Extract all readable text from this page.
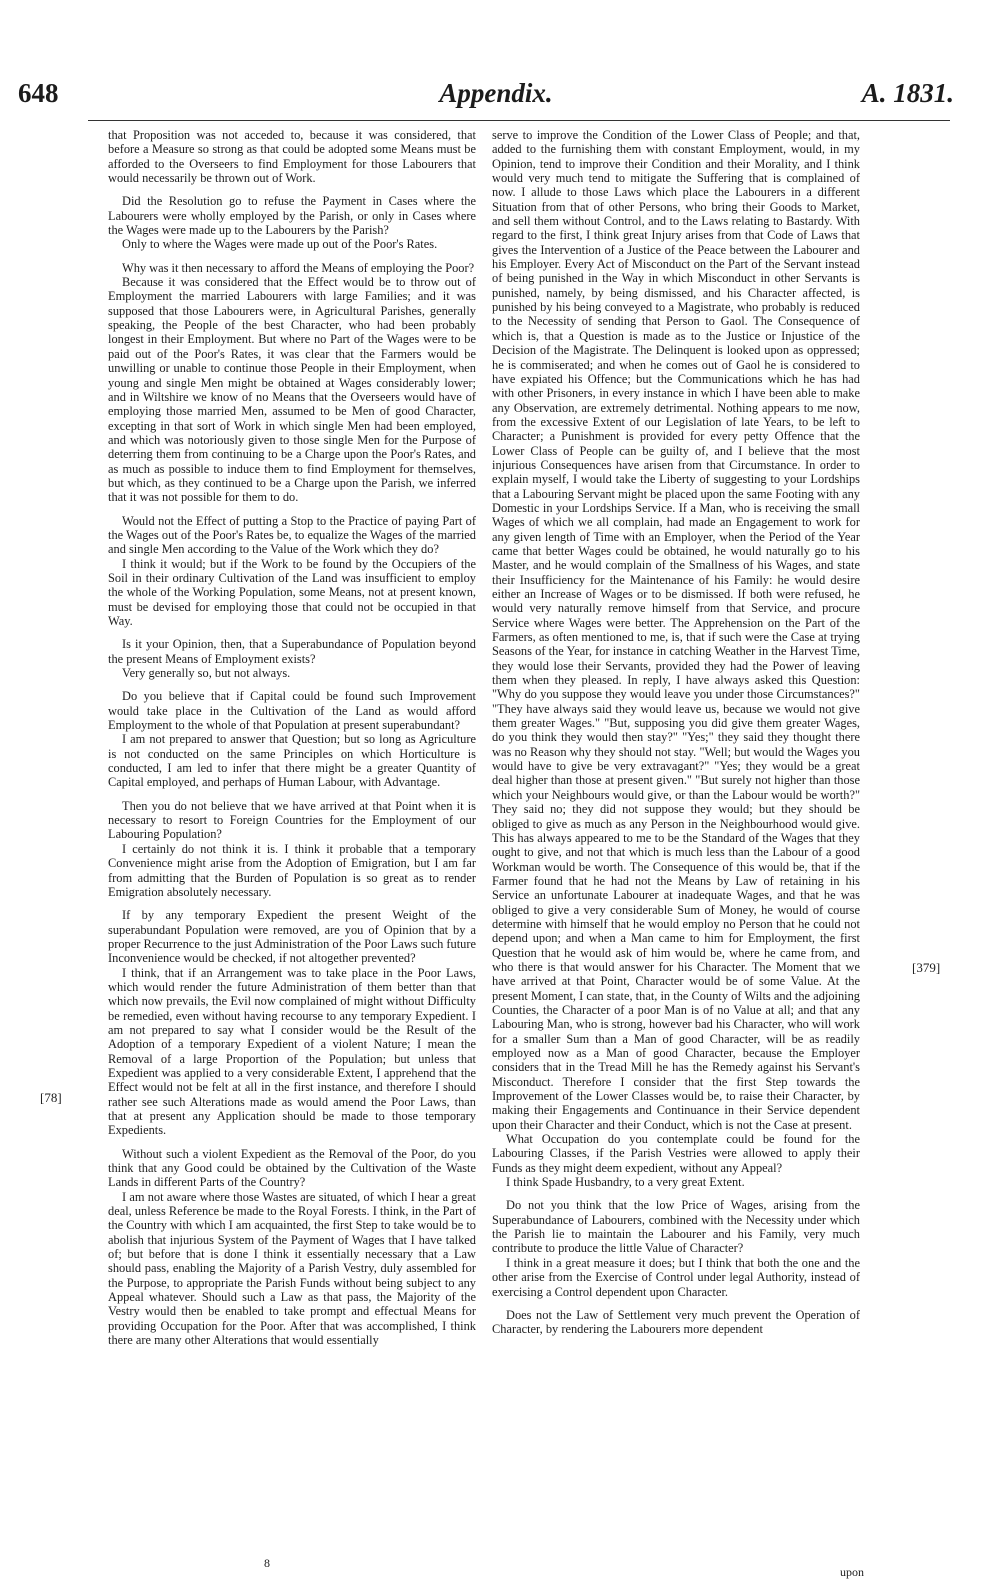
648	Appendix.	A. 1831.

that Proposition was not acceded to, because it was considered, that before a Measure so strong as that could be adopted some Means must be afforded to the Overseers to find Employment for those Labourers that would necessarily be thrown out of Work.

Did the Resolution go to refuse the Payment in Cases where the Labourers were wholly employed by the Parish, or only in Cases where the Wages were made up to the Labourers by the Parish?

Only to where the Wages were made up out of the Poor's Rates.

Why was it then necessary to afford the Means of employing the Poor?

Because it was considered that the Effect would be to throw out of Employment the married Labourers with large Families; and it was supposed that those Labourers were, in Agricultural Parishes, generally speaking, the People of the best Character, who had been probably longest in their Employment. But where no Part of the Wages were to be paid out of the Poor's Rates, it was clear that the Farmers would be unwilling or unable to continue those People in their Employment, when young and single Men might be obtained at Wages considerably lower; and in Wiltshire we know of no Means that the Overseers would have of employing those married Men, assumed to be Men of good Character, excepting in that sort of Work in which single Men had been employed, and which was notoriously given to those single Men for the Purpose of deterring them from continuing to be a Charge upon the Poor's Rates, and as much as possible to induce them to find Employment for themselves, but which, as they continued to be a Charge upon the Parish, we inferred that it was not possible for them to do.

Would not the Effect of putting a Stop to the Practice of paying Part of the Wages out of the Poor's Rates be, to equalize the Wages of the married and single Men according to the Value of the Work which they do?

I think it would; but if the Work to be found by the Occupiers of the Soil in their ordinary Cultivation of the Land was insufficient to employ the whole of the Working Population, some Means, not at present known, must be devised for employing those that could not be occupied in that Way.

Is it your Opinion, then, that a Superabundance of Population beyond the present Means of Employment exists?

Very generally so, but not always.

Do you believe that if Capital could be found such Improvement would take place in the Cultivation of the Land as would afford Employment to the whole of that Population at present superabundant?

I am not prepared to answer that Question; but so long as Agriculture is not conducted on the same Principles on which Horticulture is conducted, I am led to infer that there might be a greater Quantity of Capital employed, and perhaps of Human Labour, with Advantage.

Then you do not believe that we have arrived at that Point when it is necessary to resort to Foreign Countries for the Employment of our Labouring Population?

I certainly do not think it is. I think it probable that a temporary Convenience might arise from the Adoption of Emigration, but I am far from admitting that the Burden of Population is so great as to render Emigration absolutely necessary.

If by any temporary Expedient the present Weight of the superabundant Population were removed, are you of Opinion that by a proper Recurrence to the just Administration of the Poor Laws such future Inconvenience would be checked, if not altogether prevented?

I think, that if an Arrangement was to take place in the Poor Laws, which would render the future Administration of them better than that which now prevails, the Evil now complained of might without Difficulty be remedied, even without having recourse to any temporary Expedient. I am not prepared to say what I consider would be the Result of the Adoption of a temporary Expedient of a violent Nature; I mean the Removal of a large Proportion of the Population; but unless that Expedient was applied to a very considerable Extent, I apprehend that the Effect would not be felt at all in the first instance, and therefore I should rather see such Alterations made as would amend the Poor Laws, than that at present any Application should be made to those temporary Expedients.

Without such a violent Expedient as the Removal of the Poor, do you think that any Good could be obtained by the Cultivation of the Waste Lands in different Parts of the Country?

I am not aware where those Wastes are situated, of which I hear a great deal, unless Reference be made to the Royal Forests. I think, in the Part of the Country with which I am acquainted, the first Step to take would be to abolish that injurious System of the Payment of Wages that I have talked of; but before that is done I think it essentially necessary that a Law should pass, enabling the Majority of a Parish Vestry, duly assembled for the Purpose, to appropriate the Parish Funds without being subject to any Appeal whatever. Should such a Law as that pass, the Majority of the Vestry would then be enabled to take prompt and effectual Means for providing Occupation for the Poor. After that was accomplished, I think there are many other Alterations that would essentially

serve to improve the Condition of the Lower Class of People; and that, added to the furnishing them with constant Employment, would, in my Opinion, tend to improve their Condition and their Morality, and I think would very much tend to mitigate the Suffering that is complained of now. I allude to those Laws which place the Labourers in a different Situation from that of other Persons, who bring their Goods to Market, and sell them without Control, and to the Laws relating to Bastardy. With regard to the first, I think great Injury arises from that Code of Laws that gives the Intervention of a Justice of the Peace between the Labourer and his Employer. Every Act of Misconduct on the Part of the Servant instead of being punished in the Way in which Misconduct in other Servants is punished, namely, by being dismissed, and his Character affected, is punished by his being conveyed to a Magistrate, who probably is reduced to the Necessity of sending that Person to Gaol. The Consequence of which is, that a Question is made as to the Justice or Injustice of the Decision of the Magistrate. The Delinquent is looked upon as oppressed; he is commiserated; and when he comes out of Gaol he is considered to have expiated his Offence; but the Communications which he has had with other Prisoners, in every instance in which I have been able to make any Observation, are extremely detrimental. Nothing appears to me now, from the excessive Extent of our Legislation of late Years, to be left to Character; a Punishment is provided for every petty Offence that the Lower Class of People can be guilty of, and I believe that the most injurious Consequences have arisen from that Circumstance. In order to explain myself, I would take the Liberty of suggesting to your Lordships that a Labouring Servant might be placed upon the same Footing with any Domestic in your Lordships Service. If a Man, who is receiving the small Wages of which we all complain, had made an Engagement to work for any given length of Time with an Employer, when the Period of the Year came that better Wages could be obtained, he would naturally go to his Master, and he would complain of the Smallness of his Wages, and state their Insufficiency for the Maintenance of his Family: he would desire either an Increase of Wages or to be dismissed. If both were refused, he would very naturally remove himself from that Service, and procure Service where Wages were better. The Apprehension on the Part of the Farmers, as often mentioned to me, is, that if such were the Case at trying Seasons of the Year, for instance in catching Weather in the Harvest Time, they would lose their Servants, provided they had the Power of leaving them when they pleased. In reply, I have always asked this Question: "Why do you suppose they would leave you under those Circumstances?" "They have always said they would leave us, because we would not give them greater Wages." "But, supposing you did give them greater Wages, do you think they would then stay?" "Yes;" they said they thought there was no Reason why they should not stay. "Well; but would the Wages you would have to give be very extravagant?" "Yes; they would be a great deal higher than those at present given." "But surely not higher than those which your Neighbours would give, or than the Labour would be worth?" They said no; they did not suppose they would; but they should be obliged to give as much as any Person in the Neighbourhood would give. This has always appeared to me to be the Standard of the Wages that they ought to give, and not that which is much less than the Labour of a good Workman would be worth. The Consequence of this would be, that if the Farmer found that he had not the Means by Law of retaining in his Service an unfortunate Labourer at inadequate Wages, and that he was obliged to give a very considerable Sum of Money, he would of course determine with himself that he would employ no Person that he could not depend upon; and when a Man came to him for Employment, the first Question that he would ask of him would be, where he came from, and who there is that would answer for his Character. The Moment that we have arrived at that Point, Character would be of some Value. At the present Moment, I can state, that, in the County of Wilts and the adjoining Counties, the Character of a poor Man is of no Value at all; and that any Labouring Man, who is strong, however bad his Character, who will work for a smaller Sum than a Man of good Character, will be as readily employed now as a Man of good Character, because the Employer considers that in the Tread Mill he has the Remedy against his Servant's Misconduct. Therefore I consider that the first Step towards the Improvement of the Lower Classes would be, to raise their Character, by making their Engagements and Continuance in their Service dependent upon their Character and their Conduct, which is not the Case at present.

What Occupation do you contemplate could be found for the Labouring Classes, if the Parish Vestries were allowed to apply their Funds as they might deem expedient, without any Appeal?

I think Spade Husbandry, to a very great Extent.

Do not you think that the low Price of Wages, arising from the Superabundance of Labourers, combined with the Necessity under which the Parish lie to maintain the Labourer and his Family, very much contribute to produce the little Value of Character?

I think in a great measure it does; but I think that both the one and the other arise from the Exercise of Control under legal Authority, instead of exercising a Control dependent upon Character.

Does not the Law of Settlement very much prevent the Operation of Character, by rendering the Labourers more dependent

[379]
[78]
8
upon
